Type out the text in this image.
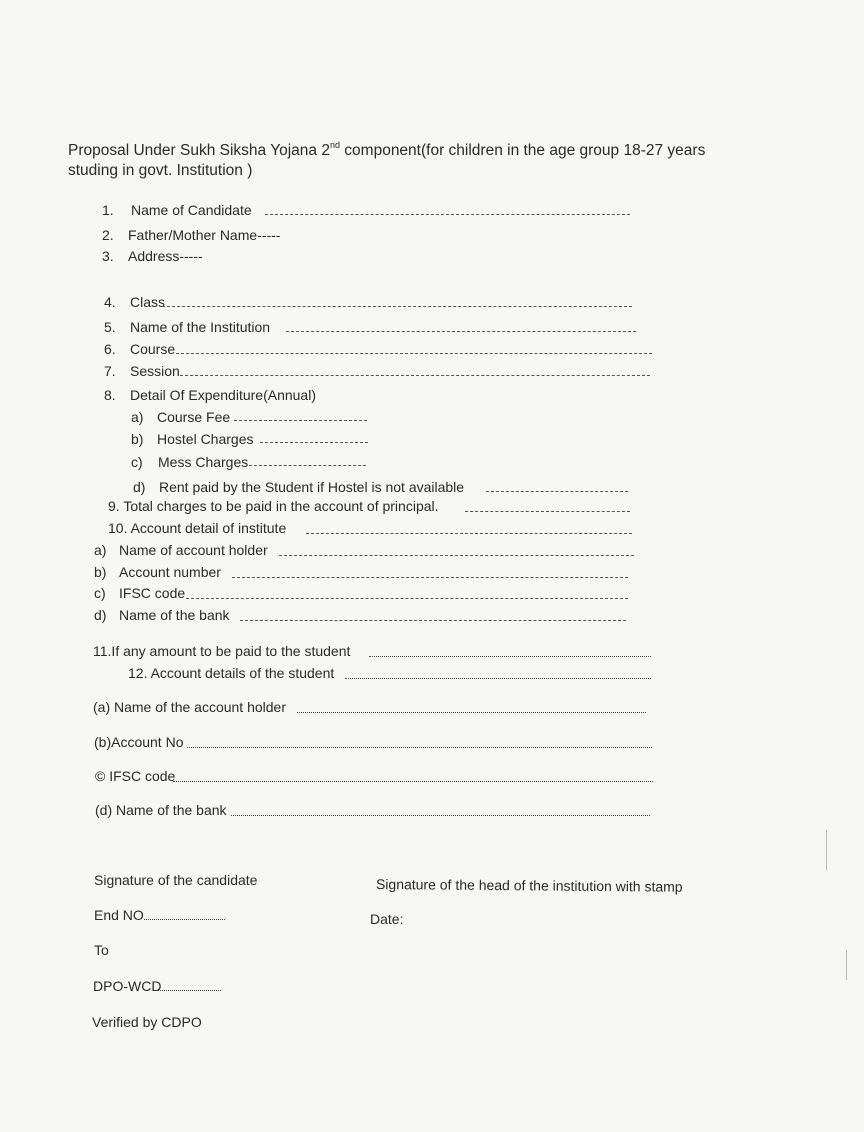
Proposal Under Sukh Siksha Yojana 2nd component(for children in the age group 18-27 years
studing in govt. Institution )
1. Name of Candidate
2. Father/Mother Name-----
3. Address-----
4. Class
5. Name of the Institution
6. Course
7. Session
8. Detail Of Expenditure(Annual)
a) Course Fee
b) Hostel Charges
c) Mess Charges
d) Rent paid by the Student if Hostel is not available
9. Total charges to be paid in the account of principal.
10. Account detail of institute
a) Name of account holder
b) Account number
c) IFSC code
d) Name of the bank
11.If any amount to be paid to the student
12. Account details of the student
(a) Name of the account holder
(b)Account No
© IFSC code
(d) Name of the bank
Signature of the candidate	Signature of the head of the institution with stamp
End NO	Date:
To
DPO-WCD
Verified by CDPO
